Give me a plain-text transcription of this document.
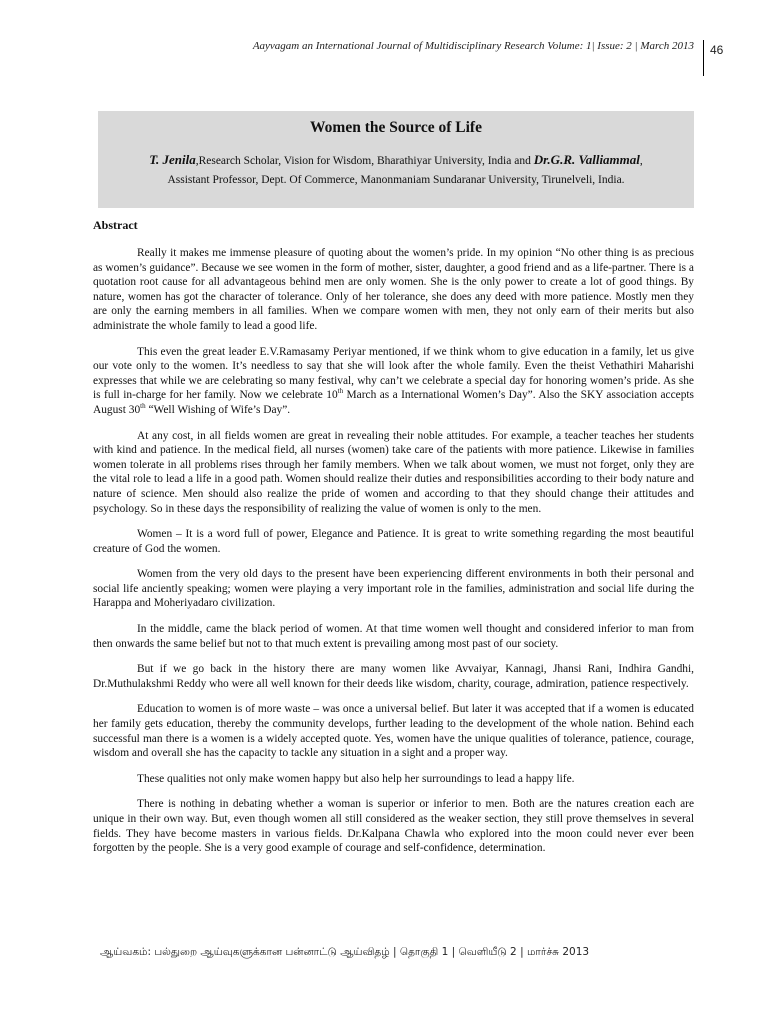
Aayvagam an International Journal of Multidisciplinary Research Volume: 1| Issue: 2 | March 2013 46
Women the Source of Life
T. Jenila,Research Scholar, Vision for Wisdom, Bharathiyar University, India and Dr.G.R. Valliammal,
Assistant Professor, Dept. Of Commerce, Manonmaniam Sundaranar University, Tirunelveli, India.
Abstract

Really it makes me immense pleasure of quoting about the women’s pride. In my opinion “No other thing is as precious as women’s guidance”. Because we see women in the form of mother, sister, daughter, a good friend and as a life-partner. There is a quotation root cause for all advantageous behind men are only women. She is the only power to create a lot of good things. By nature, women has got the character of tolerance. Only of her tolerance, she does any deed with more patience. Mostly men they are only the earning members in all families. When we compare women with men, they not only earn of their merits but also administrate the whole family to lead a good life.

This even the great leader E.V.Ramasamy Periyar mentioned, if we think whom to give education in a family, let us give our vote only to the women. It’s needless to say that she will look after the whole family. Even the theist Vethathiri Maharishi expresses that while we are celebrating so many festival, why can’t we celebrate a special day for honoring women’s pride. As she is full in-charge for her family. Now we celebrate 10th March as a International Women’s Day”. Also the SKY association accepts August 30th “Well Wishing of Wife’s Day”.

At any cost, in all fields women are great in revealing their noble attitudes. For example, a teacher teaches her students with kind and patience. In the medical field, all nurses (women) take care of the patients with more patience. Likewise in families women tolerate in all problems rises through her family members. When we talk about women, we must not forget, only they are the vital role to lead a life in a good path. Women should realize their duties and responsibilities according to their body nature and nature of science. Men should also realize the pride of women and according to that they should change their attitudes and psychology. So in these days the responsibility of realizing the value of women is only to the men.

Women – It is a word full of power, Elegance and Patience. It is great to write something regarding the most beautiful creature of God the women.

Women from the very old days to the present have been experiencing different environments in both their personal and social life anciently speaking; women were playing a very important role in the families, administration and social life during the Harappa and Moheriyadaro civilization.

In the middle, came the black period of women. At that time women well thought and considered inferior to man from then onwards the same belief but not to that much extent is prevailing among most past of our society.

But if we go back in the history there are many women like Avvaiyar, Kannagi, Jhansi Rani, Indhira Gandhi, Dr.Muthulakshmi Reddy who were all well known for their deeds like wisdom, charity, courage, admiration, patience respectively.

Education to women is of more waste – was once a universal belief. But later it was accepted that if a women is educated her family gets education, thereby the community develops, further leading to the development of the whole nation. Behind each successful man there is a women is a widely accepted quote. Yes, women have the unique qualities of tolerance, patience, courage, wisdom and overall she has the capacity to tackle any situation in a sight and a proper way.

These qualities not only make women happy but also help her surroundings to lead a happy life.

There is nothing in debating whether a woman is superior or inferior to men. Both are the natures creation each are unique in their own way. But, even though women all still considered as the weaker section, they still prove themselves in several fields. They have become masters in various fields. Dr.Kalpana Chawla who explored into the moon could never ever been forgotten by the people. She is a very good example of courage and self-confidence, determination.

ஆய்வகம்: பல்துறை ஆய்வுகளுக்கான பன்னாட்டு ஆய்விதழ் | தொகுதி 1 | வெளியீடு 2 | மார்ச்சு 2013
